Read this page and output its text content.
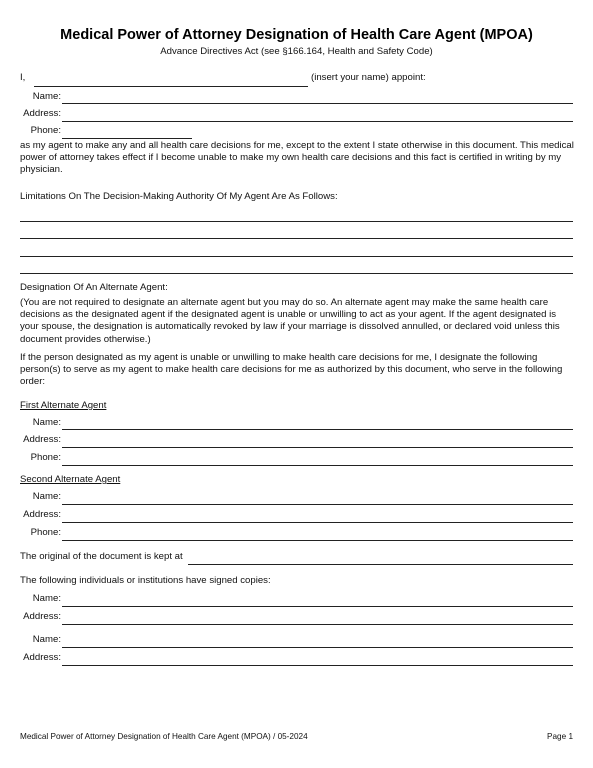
Medical Power of Attorney Designation of Health Care Agent (MPOA)
Advance Directives Act (see §166.164, Health and Safety Code)
I,	(insert your name) appoint:
Name:
Address:
Phone:
as my agent to make any and all health care decisions for me, except to the extent I state otherwise in this document. This medical power of attorney takes effect if I become unable to make my own health care decisions and this fact is certified in writing by my physician.
Limitations On The Decision-Making Authority Of My Agent Are As Follows:
Designation Of An Alternate Agent:
(You are not required to designate an alternate agent but you may do so. An alternate agent may make the same health care decisions as the designated agent if the designated agent is unable or unwilling to act as your agent. If the agent designated is your spouse, the designation is automatically revoked by law if your marriage is dissolved annulled, or declared void unless this document provides otherwise.)
If the person designated as my agent is unable or unwilling to make health care decisions for me, I designate the following person(s) to serve as my agent to make health care decisions for me as authorized by this document, who serve in the following order:
First Alternate Agent
Name:
Address:
Phone:
Second Alternate Agent
Name:
Address:
Phone:
The original of the document is kept at
The following individuals or institutions have signed copies:
Name:
Address:
Name:
Address:
Medical Power of Attorney Designation of Health Care Agent (MPOA) / 05-2024	Page 1
